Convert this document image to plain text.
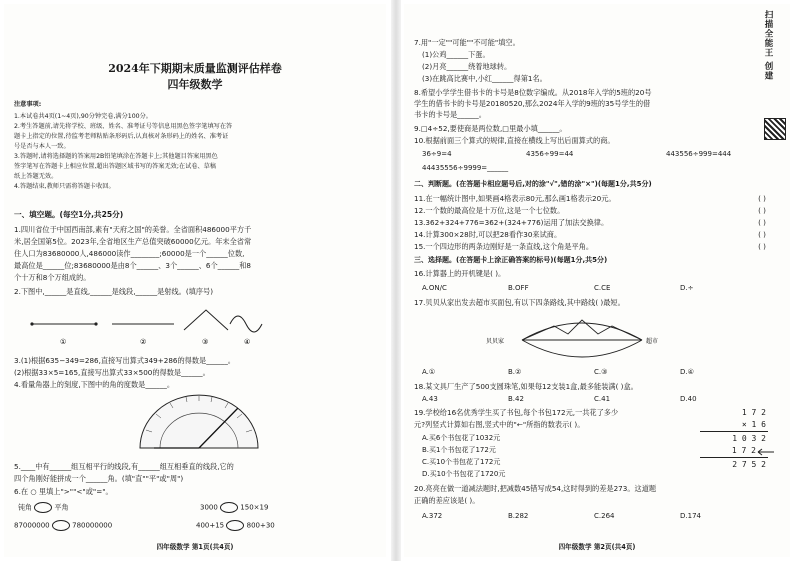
2024年下期期末质量监测评估样卷
四年级数学
注意事项:
1.本试卷共4页(1~4页),90分钟完卷,满分100分。
2.考生答题前,请先将学校、班级、姓名、准考证号等信息用黑色签字笔填写在答
题卡上指定的位置,待监考老师粘贴条形码后,认真核对条形码上的姓名、准考证
号是否与本人一致。
3.答题时,请将选择题的答案用2B铅笔填涂在答题卡上;其他题目答案用黑色
签字笔写在答题卡上相应位置,超出答题区域书写的答案无效;在试卷、草稿
纸上答题无效。
4.答题结束,教师只需将答题卡收回。
一、填空题。(每空1分,共25分)
1.四川省位于中国西南部,素有"天府之国"的美誉。全省面积486000平方千
米,居全国第5位。2023年,全省地区生产总值突破60000亿元。年末全省常
住人口为83680000人,486000读作________;60000是一个______位数,
最高位是______位;83680000是由8个______、3个______、6个______和8
个十万和8个万组成的。
2.下图中,______是直线,______是线段,______是射线。(填序号)
①	②	③	④
3.(1)根据635−349=286,直接写出算式349+286的得数是______。
(2)根据33×5=165,直接写出算式33×500的得数是______。
4.看量角器上的刻度,下图中的角的度数是______。
5.____中有______组互相平行的线段,有______组互相垂直的线段,它的
四个角刚好能拼成一个______角。(填"直""平"或"周")
6.在 ○ 里填上">""<"或"="。
钝角	平角	3000	150×19
87000000	780000000	400+15	800+30
四年级数学 第1页(共4页)
扫描全能王 创建
7.用"一定""可能""不可能"填空。
(1)公鸡______下蛋。
(2)月亮______绕着地球转。
(3)在跳高比赛中,小红______得第1名。
8.希望小学学生借书卡的卡号是8位数字编成。从2018年入学的5班的20号
学生的借书卡的卡号是20180520,那么2024年入学的9班的35号学生的借
书卡的卡号是______。
9.□4÷52,要使商是两位数,□里最小填______。
10.根据前面三个算式的规律,直接在横线上写出后面算式的商。
36÷9=4	4356÷99=44	443556÷999=444
44435556÷9999=______
二、判断题。(在答题卡相应题号后,对的涂"√",错的涂"×")(每题1分,共5分)
11.在一幅统计图中,如果画4格表示80元,那么画1格表示20元。	( )
12.一个数的最高位是十万位,这是一个七位数。	( )
13.362+324+776=362+(324+776)运用了加法交换律。	( )
14.计算300×28时,可以把28看作30来试商。	( )
15.一个四边形的两条边刚好是一条直线,这个角是平角。	( )
三、选择题。(在答题卡上涂正确答案的标号)(每题1分,共5分)
16.计算器上的开机键是( )。
A.ON/C	B.OFF	C.CE	D.÷
17.贝贝从家出发去超市买面包,有以下四条路线,其中路线( )最短。
贝贝家	超市
A.①	B.②	C.③	D.④
18.某文具厂生产了500支圆珠笔,如果每12支装1盒,最多能装满( )盒。
A.43	B.42	C.41	D.40
19.学校给16名优秀学生买了书包,每个书包172元,一共花了多少
元?列竖式计算如右图,竖式中的"←"所指的数表示( )。
A.买6个书包花了1032元
B.买1个书包花了172元
C.买10个书包花了172元
D.买10个书包花了1720元
1 7 2
× 1 6
1 0 3 2
1 7 2
2 7 5 2
20.亮亮在做一道减法题时,把减数45错写成54,这时得到的差是273。这道题
正确的差应该是( )。
A.372	B.282	C.264	D.174
四年级数学 第2页(共4页)
